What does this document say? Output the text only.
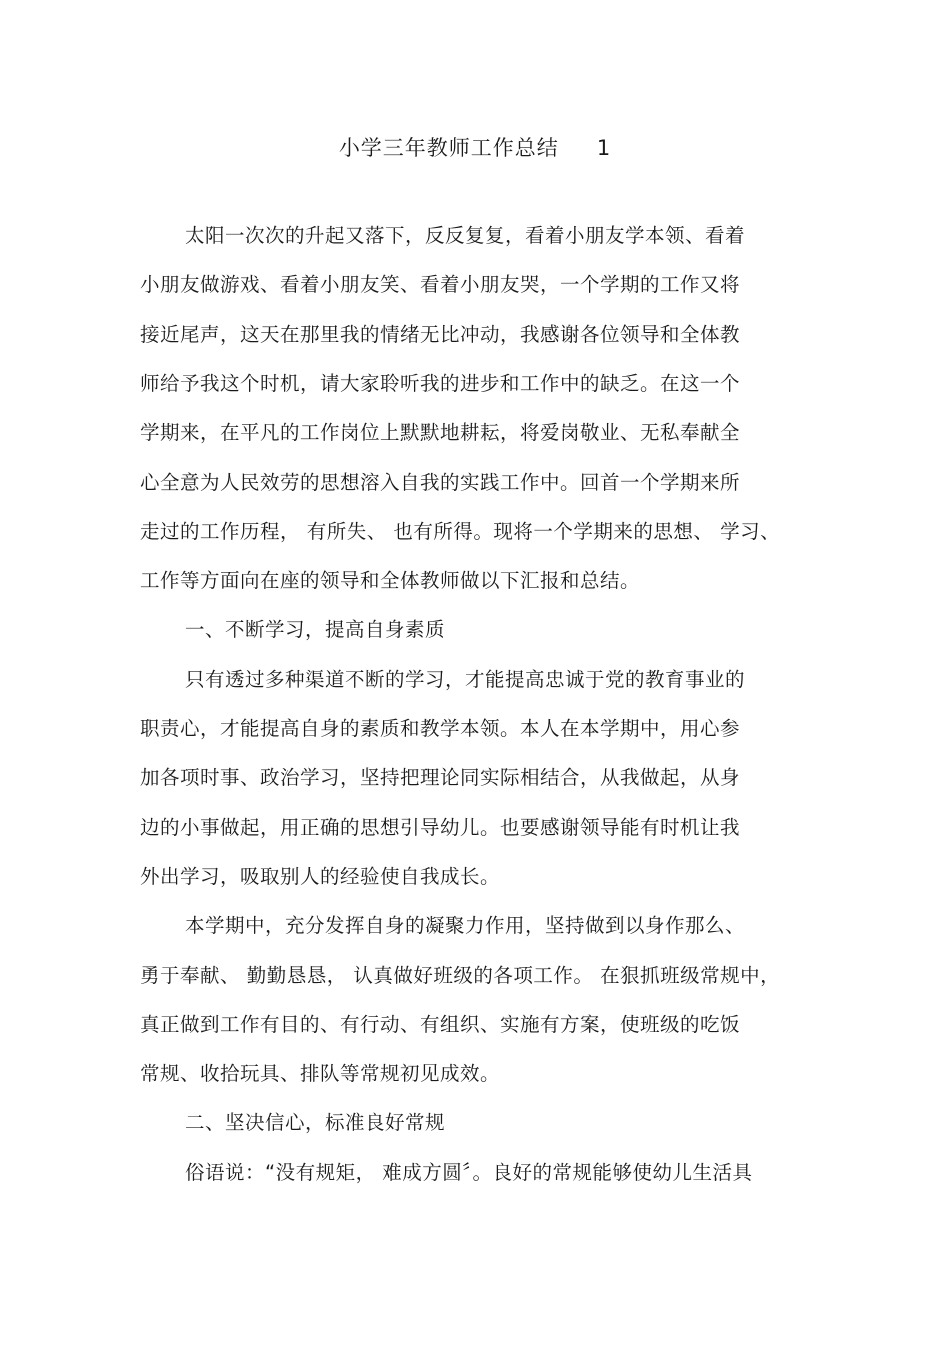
小学三年教师工作总结 1
太阳一次次的升起又落下，反反复复，看着小朋友学本领、看着
小朋友做游戏、看着小朋友笑、看着小朋友哭，一个学期的工作又将
接近尾声，这天在那里我的情绪无比冲动，我感谢各位领导和全体教
师给予我这个时机，请大家聆听我的进步和工作中的缺乏。在这一个
学期来，在平凡的工作岗位上默默地耕耘，将爱岗敬业、无私奉献全
心全意为人民效劳的思想溶入自我的实践工作中。回首一个学期来所
走过的工作历程， 有所失、 也有所得。现将一个学期来的思想、 学习、
工作等方面向在座的领导和全体教师做以下汇报和总结。
一、不断学习，提高自身素质
只有透过多种渠道不断的学习，才能提高忠诚于党的教育事业的
职责心，才能提高自身的素质和教学本领。本人在本学期中，用心参
加各项时事、政治学习，坚持把理论同实际相结合，从我做起，从身
边的小事做起，用正确的思想引导幼儿。也要感谢领导能有时机让我
外出学习，吸取别人的经验使自我成长。
本学期中，充分发挥自身的凝聚力作用，坚持做到以身作那么、
勇于奉献、 勤勤恳恳， 认真做好班级的各项工作。 在狠抓班级常规中，
真正做到工作有目的、有行动、有组织、实施有方案，使班级的吃饭
常规、收拾玩具、排队等常规初见成效。
二、坚决信心，标准良好常规
俗语说：“没有规矩， 难成方圆〞。良好的常规能够使幼儿生活具
